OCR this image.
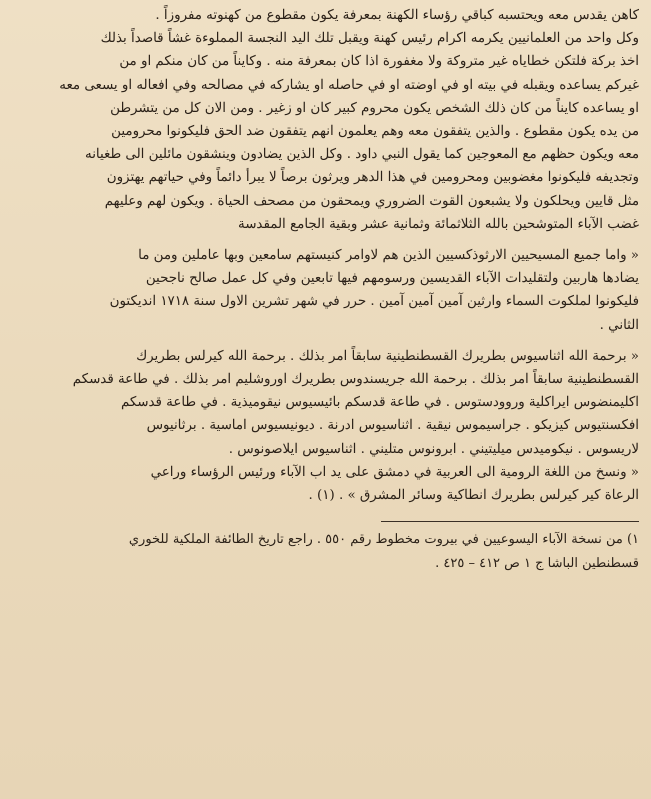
كاهن يقدس معه ويحتسبه كباقي رؤساء الكهنة بمعرفة يكون مقطوع من كهنوته مفروزاً .
وكل واحد من العلمانيين يكرمه اكرام رئيس كهنة ويقبل تلك اليد النجسة المملوءة غشاً قاصداً بذلك
اخذ بركة فلتكن خطاياه غير متروكة ولا مغفورة اذا كان بمعرفة منه . وكايناً من كان منكم او من
غيركم يساعده ويقبله في بيته او في اوضته او في حاصله او يشاركه في مصالحه وفي افعاله او يسعى معه
او يساعده كايناً من كان ذلك الشخص يكون محروم كبير كان او زغير . ومن الان كل من يتشرطن
من يده يكون مقطوع . والذين يتفقون معه وهم يعلمون انهم يتفقون ضد الحق فليكونوا محرومين
معه ويكون حظهم مع المعوجين كما يقول النبي داود . وكل الذين يضادون وينشقون مائلين الى طغيانه
وتجديفه فليكونوا مغضوبين ومحرومين في هذا الدهر ويرثون برصاً لا يبرأ دائماً وفي حياتهم يهتزون
مثل قايين ويحلكون ولا يشبعون القوت الضروري ويمحقون من مصحف الحياة . ويكون لهم وعليهم
غضب الآباء المتوشحين بالله الثلاثمائة وثمانية عشر وبقية الجامع المقدسة

« واما جميع المسيحيين الارثوذكسيين الذين هم لاوامر كنيستهم سامعين وبها عاملين ومن ما
يضادها هاربين ولتقليدات الآباء القديسين ورسومهم فيها تابعين وفي كل عمل صالح ناجحين
فليكونوا لملكوت السماء وارثين آمين آمين آمين . حرر في شهر تشرين الاول سنة ١٧١٨ انديكتون
الثاني .

« برحمة الله اثناسيوس بطريرك القسطنطينية سابقاً امر بذلك . برحمة الله كيرلس بطريرك
القسطنطينية سابقاً امر بذلك . برحمة الله جريسندوس بطريرك اوروشليم امر بذلك . في طاعة قدسكم
اكليمنضوس ايراكلية وروودستوس . في طاعة قدسكم بائيسيوس نيقوميذية . في طاعة قدسكم
افكسنتيوس كيزيكو . جراسيموس نيقية . اثناسيوس ادرنة . ديونيسيوس اماسية . برثانيوس
لاريسوس . نيكوميدس ميليتيني . ابرونوس متليني . اثناسيوس ايلاصونوس .
« ونسخ من اللغة الرومية الى العربية في دمشق على يد اب الآباء ورئيس الرؤساء وراعي
الرعاة كير كيرلس بطريرك انطاكية وسائر المشرق » . (١) .

١) من نسخة الآباء اليسوعيين في بيروت مخطوط رقم ٥٥٠ . راجع تاريخ الطائفة الملكية للخوري
قسطنطين الباشا ج ١ ص ٤١٢ – ٤٢٥ .
